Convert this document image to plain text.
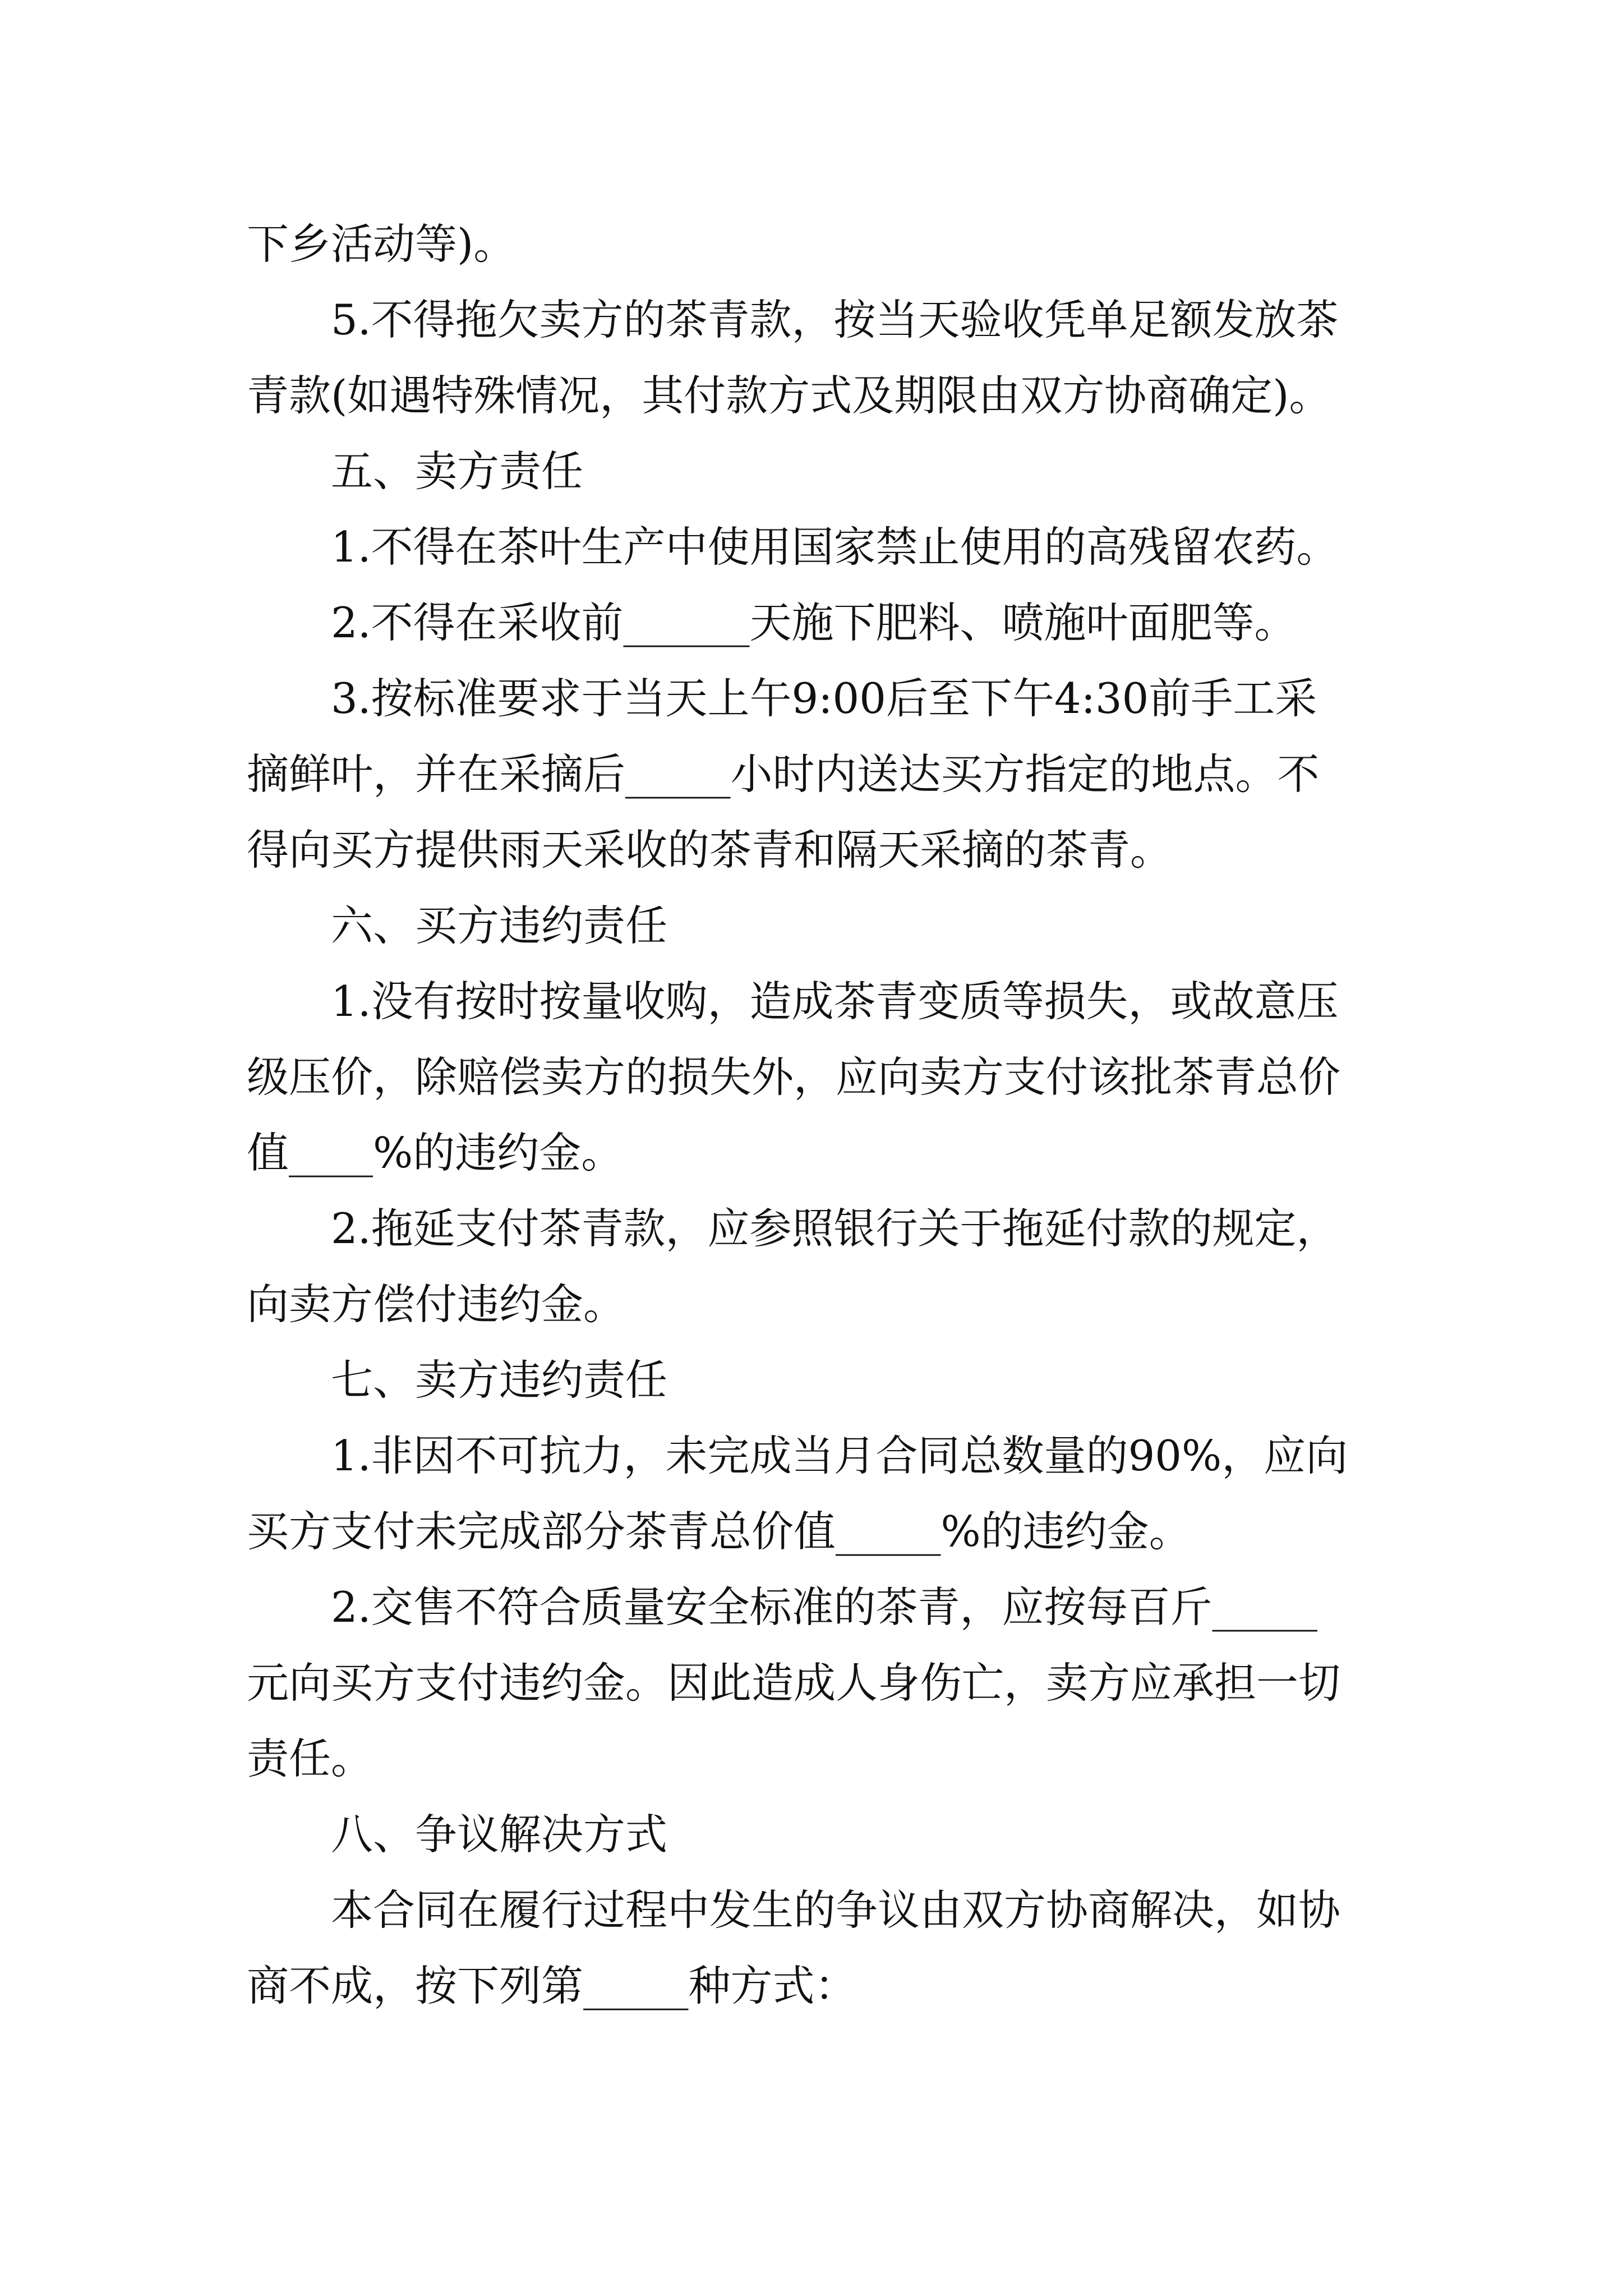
下乡活动等)。
5.不得拖欠卖方的茶青款，按当天验收凭单足额发放茶
青款(如遇特殊情况，其付款方式及期限由双方协商确定)。
五、卖方责任
1.不得在茶叶生产中使用国家禁止使用的高残留农药。
2.不得在采收前______天施下肥料、喷施叶面肥等。
3.按标准要求于当天上午9:00后至下午4:30前手工采
摘鲜叶，并在采摘后_____小时内送达买方指定的地点。不
得向买方提供雨天采收的茶青和隔天采摘的茶青。
六、买方违约责任
1.没有按时按量收购，造成茶青变质等损失，或故意压
级压价，除赔偿卖方的损失外，应向卖方支付该批茶青总价
值____%的违约金。
2.拖延支付茶青款，应参照银行关于拖延付款的规定，
向卖方偿付违约金。
七、卖方违约责任
1.非因不可抗力，未完成当月合同总数量的90%，应向
买方支付未完成部分茶青总价值_____%的违约金。
2.交售不符合质量安全标准的茶青，应按每百斤_____
元向买方支付违约金。因此造成人身伤亡，卖方应承担一切
责任。
八、争议解决方式
本合同在履行过程中发生的争议由双方协商解决，如协
商不成，按下列第_____种方式：
